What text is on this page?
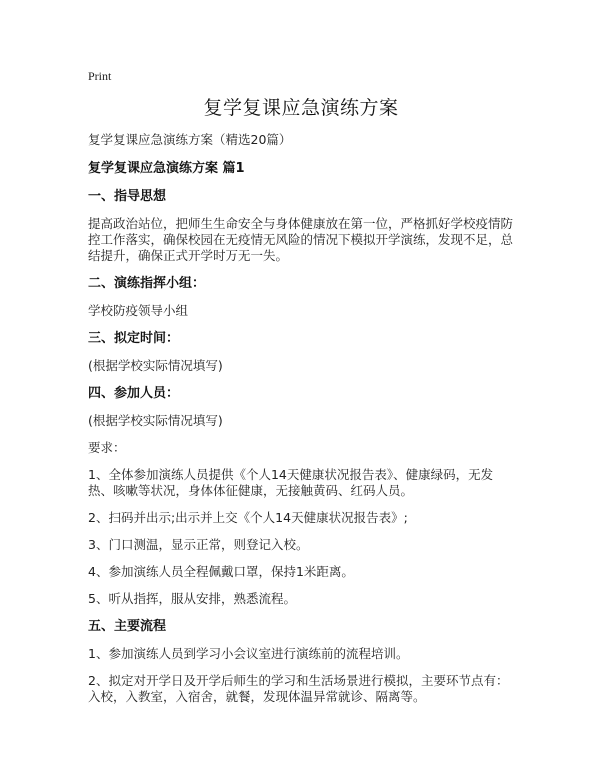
Print
复学复课应急演练方案

复学复课应急演练方案（精选20篇）

复学复课应急演练方案 篇1

一、指导思想

提高政治站位，把师生生命安全与身体健康放在第一位，严格抓好学校疫情防控工作落实，确保校园在无疫情无风险的情况下模拟开学演练，发现不足，总结提升，确保正式开学时万无一失。

二、演练指挥小组：

学校防疫领导小组

三、拟定时间：

(根据学校实际情况填写)

四、参加人员：

(根据学校实际情况填写)

要求：

1、全体参加演练人员提供《个人14天健康状况报告表》、健康绿码，无发热、咳嗽等状况，身体体征健康，无接触黄码、红码人员。

2、扫码并出示;出示并上交《个人14天健康状况报告表》;

3、门口测温，显示正常，则登记入校。

4、参加演练人员全程佩戴口罩，保持1米距离。

5、听从指挥，服从安排，熟悉流程。

五、主要流程

1、参加演练人员到学习小会议室进行演练前的流程培训。

2、拟定对开学日及开学后师生的学习和生活场景进行模拟，主要环节点有：入校，入教室，入宿舍，就餐，发现体温异常就诊、隔离等。
